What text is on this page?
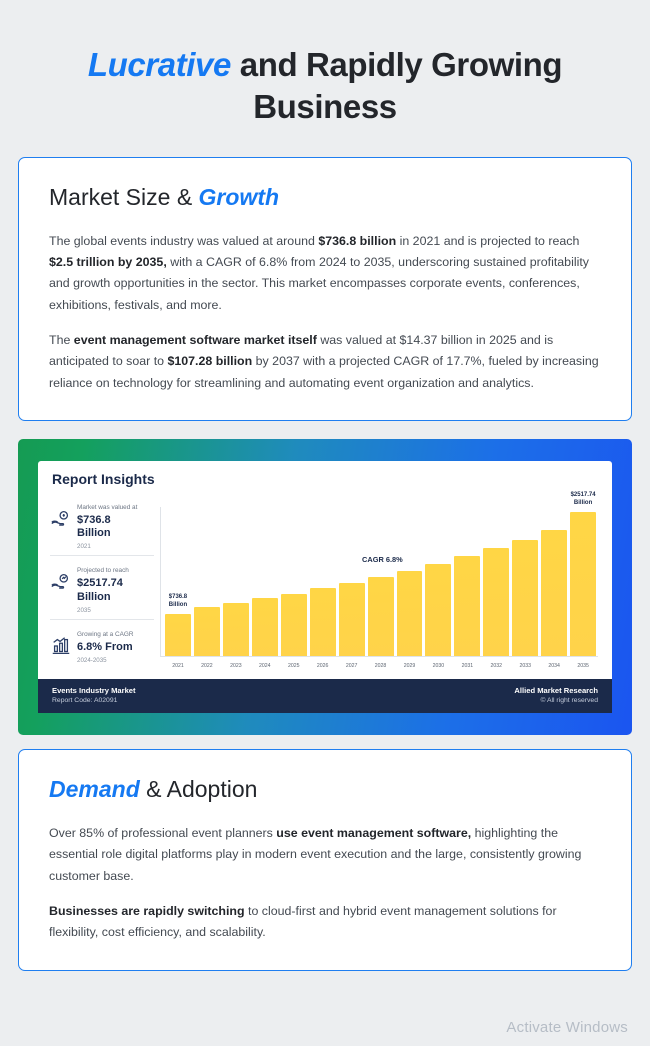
Lucrative and Rapidly Growing Business
Market Size & Growth

The global events industry was valued at around $736.8 billion in 2021 and is projected to reach $2.5 trillion by 2035, with a CAGR of 6.8% from 2024 to 2035, underscoring sustained profitability and growth opportunities in the sector. This market encompasses corporate events, conferences, exhibitions, festivals, and more.

The event management software market itself was valued at $14.37 billion in 2025 and is anticipated to soar to $107.28 billion by 2037 with a projected CAGR of 17.7%, fueled by increasing reliance on technology for streamlining and automating event organization and analytics.

Report Insights
Market was valued at
$736.8
Billion
2021
Projected to reach
$2517.74
Billion
2035
Growing at a CAGR
6.8% From
2024-2035
$736.8
Billion
2021	2022	2023	2024	2025	2026	2027	2028	2029	2030	2031	2032	2033	2034
$2517.74
Billion
2035
CAGR 6.8%
Events Industry Market
Report Code: A02091
Allied Market Research
© All right reserved
Demand & Adoption

Over 85% of professional event planners use event management software, highlighting the essential role digital platforms play in modern event execution and the large, consistently growing customer base.

Businesses are rapidly switching to cloud-first and hybrid event management solutions for flexibility, cost efficiency, and scalability.

Activate Windows
